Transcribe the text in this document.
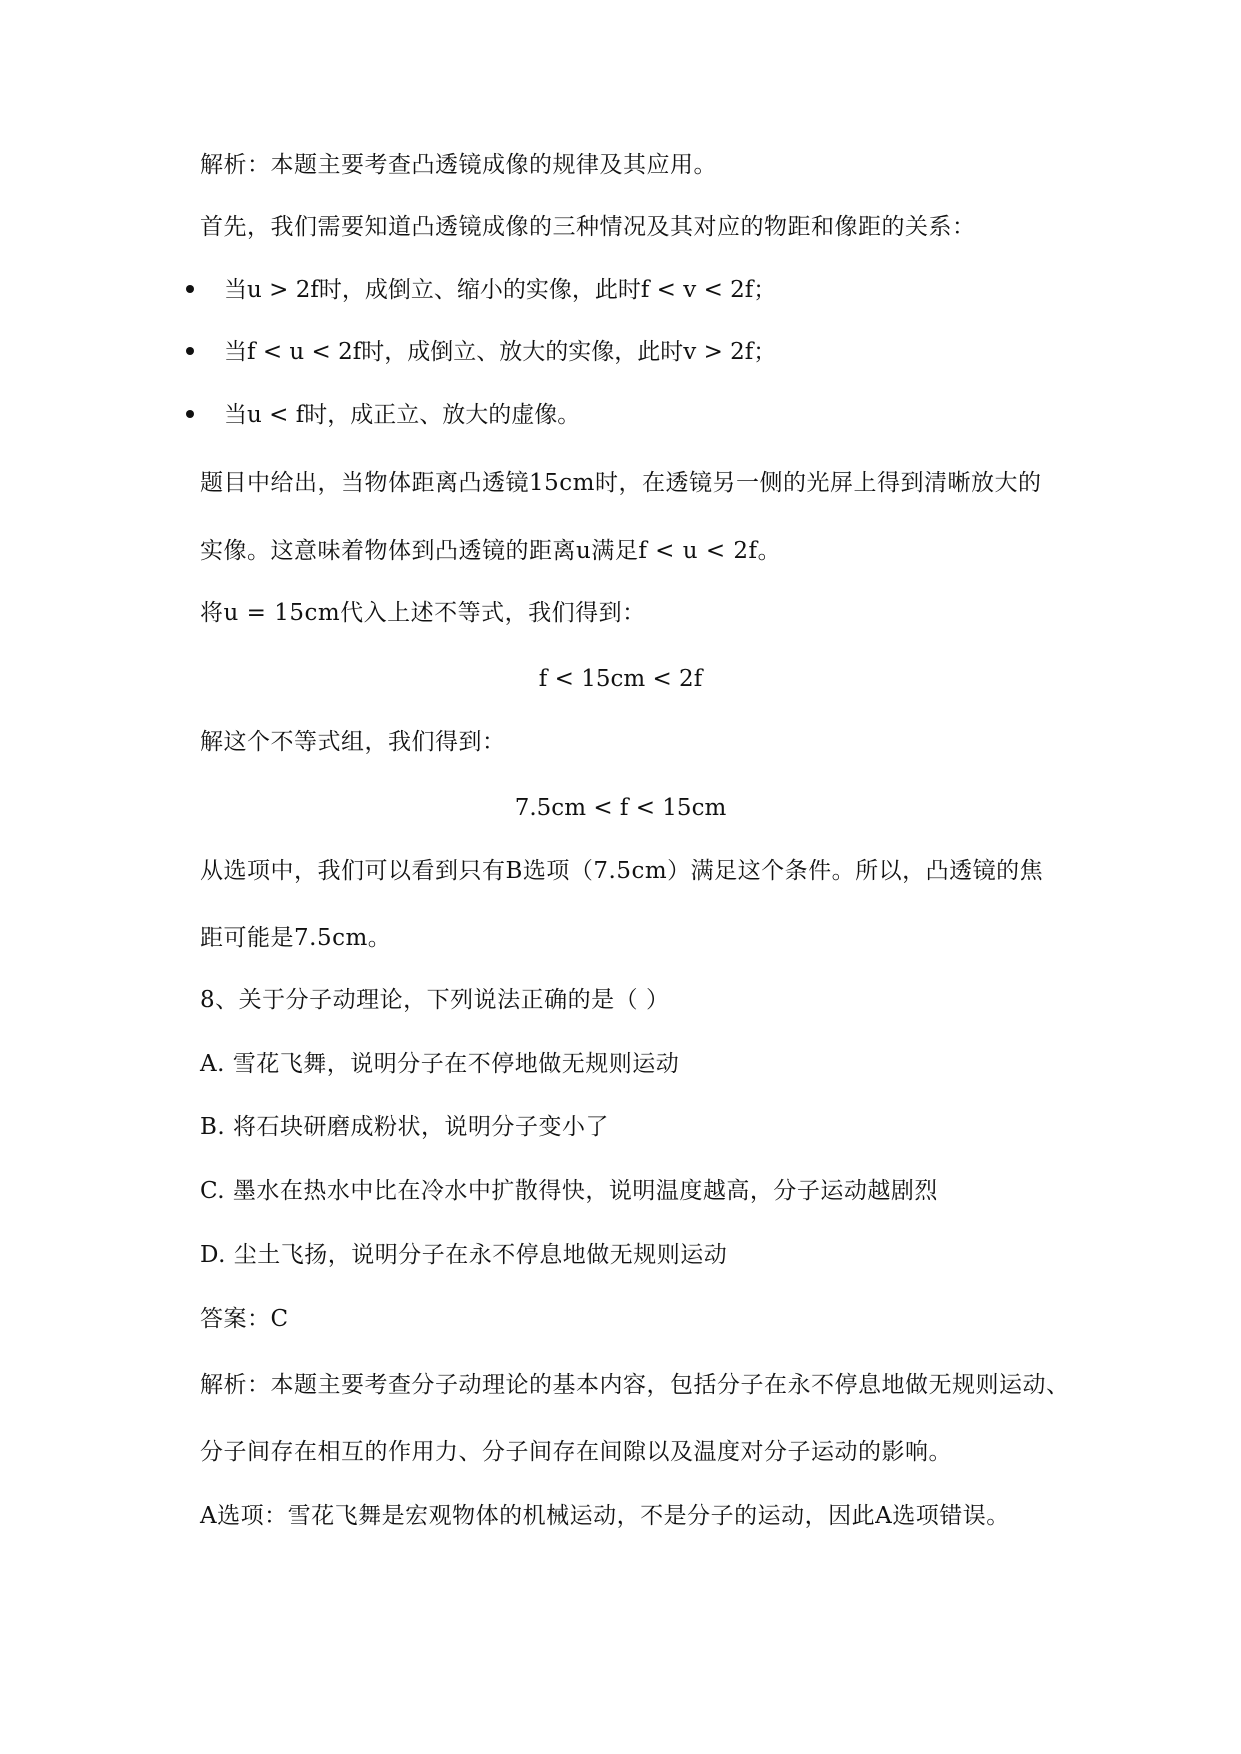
解析：本题主要考查凸透镜成像的规律及其应用。
首先，我们需要知道凸透镜成像的三种情况及其对应的物距和像距的关系：
当u > 2f时，成倒立、缩小的实像，此时f < v < 2f；
当f < u < 2f时，成倒立、放大的实像，此时v > 2f；
当u < f时，成正立、放大的虚像。
题目中给出，当物体距离凸透镜15cm时，在透镜另一侧的光屏上得到清晰放大的
实像。这意味着物体到凸透镜的距离u满足f < u < 2f。
将u = 15cm代入上述不等式，我们得到：
f < 15cm < 2f
解这个不等式组，我们得到：
7.5cm < f < 15cm
从选项中，我们可以看到只有B选项（7.5cm）满足这个条件。所以，凸透镜的焦
距可能是7.5cm。
8、关于分子动理论，下列说法正确的是（ ）
A. 雪花飞舞，说明分子在不停地做无规则运动
B. 将石块研磨成粉状，说明分子变小了
C. 墨水在热水中比在冷水中扩散得快，说明温度越高，分子运动越剧烈
D. 尘土飞扬，说明分子在永不停息地做无规则运动
答案：C
解析：本题主要考查分子动理论的基本内容，包括分子在永不停息地做无规则运动、
分子间存在相互的作用力、分子间存在间隙以及温度对分子运动的影响。
A选项：雪花飞舞是宏观物体的机械运动，不是分子的运动，因此A选项错误。
